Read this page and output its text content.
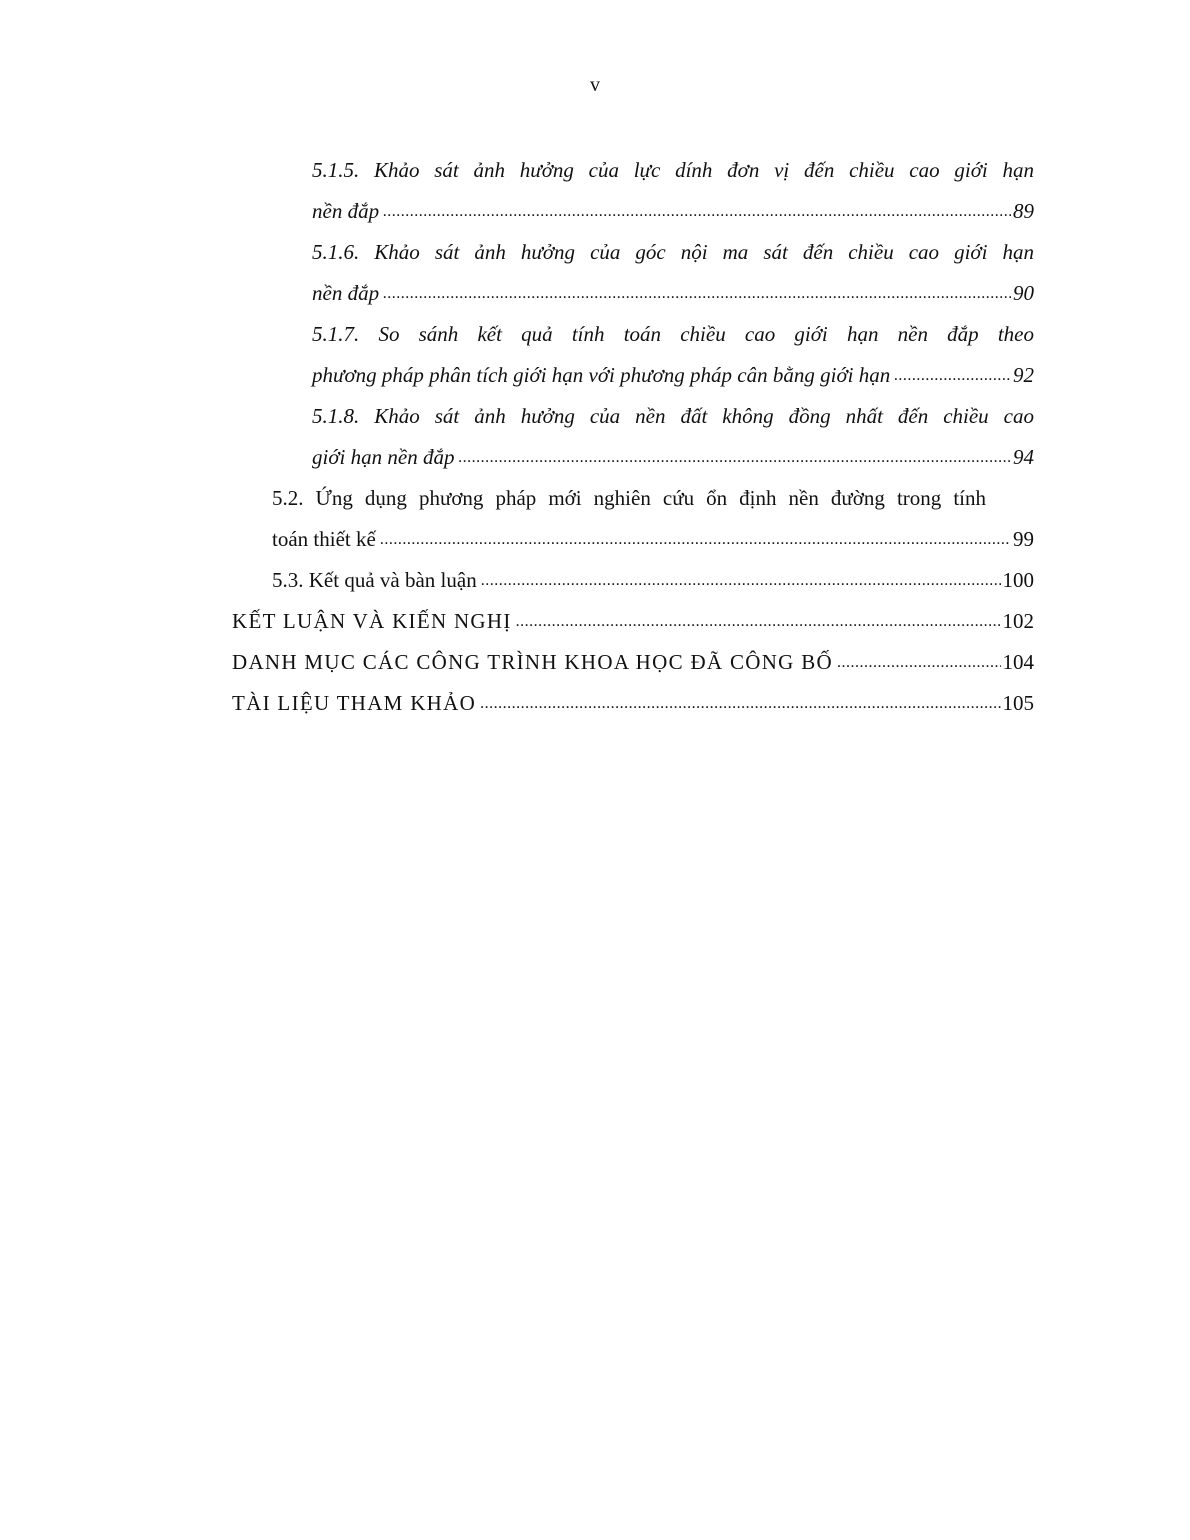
v
5.1.5. Khảo sát ảnh hưởng của lực dính đơn vị đến chiều cao giới hạn
nền đắp .....	89
5.1.6. Khảo sát ảnh hưởng của góc nội ma sát đến chiều cao giới hạn
nền đắp .....	90
5.1.7. So sánh kết quả tính toán chiều cao giới hạn nền đắp theo
phương pháp phân tích giới hạn với phương pháp cân bằng giới hạn .....	92
5.1.8. Khảo sát ảnh hưởng của nền đất không đồng nhất đến chiều cao
giới hạn nền đắp .....	94
5.2. Ứng dụng phương pháp mới nghiên cứu ổn định nền đường trong tính
toán thiết kế .....	99
5.3. Kết quả và bàn luận .....	100
KẾT LUẬN VÀ KIẾN NGHỊ .....	102
DANH MỤC CÁC CÔNG TRÌNH KHOA HỌC ĐÃ CÔNG BỐ .....	104
TÀI LIỆU THAM KHẢO .....	105
